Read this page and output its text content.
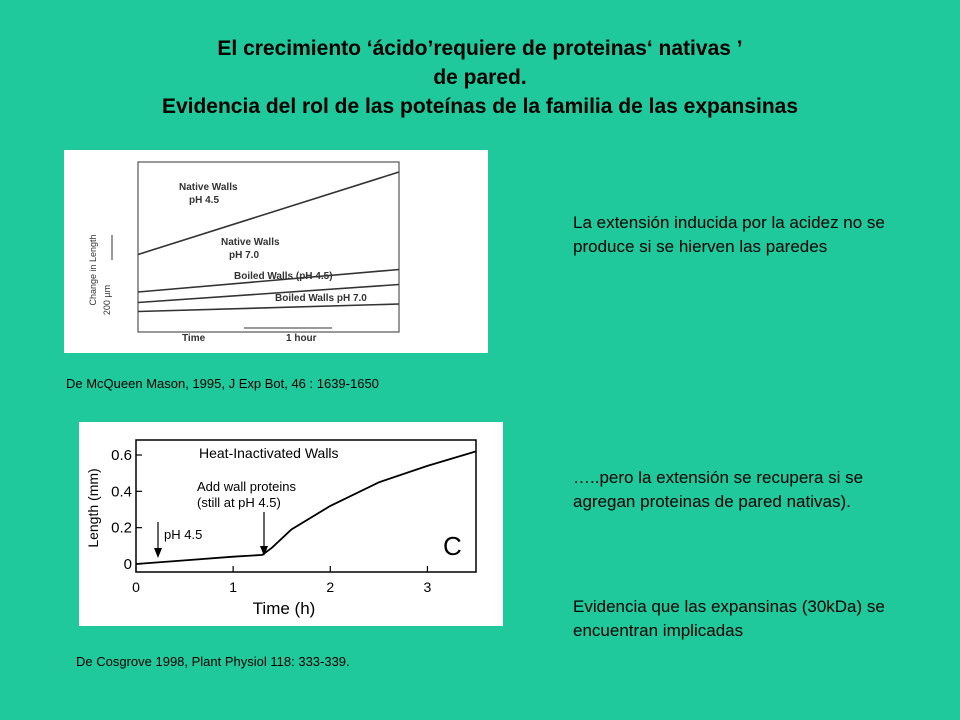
El crecimiento ‘ácido’requiere de proteinas‘ nativas ’
de pared.
Evidencia del rol de las poteínas de la familia de las expansinas
Change in Length 200 µm
Native Walls
pH 4.5
Native Walls
pH 7.0
Boiled Walls (pH 4.5)
Boiled Walls pH 7.0
Time	1 hour
De McQueen Mason, 1995, J Exp Bot, 46 : 1639-1650
Length (mm)
0
0.2
0.4
0.6
0	1	2	3
Time (h)
Heat-Inactivated Walls
Add wall proteins
(still at pH 4.5)
pH 4.5	C
De Cosgrove 1998, Plant Physiol 118: 333-339.
La extensión inducida por la acidez no se produce si se hierven las paredes
…..pero la extensión se recupera si se agregan proteinas de pared nativas).
Evidencia que las expansinas (30kDa) se encuentran implicadas
